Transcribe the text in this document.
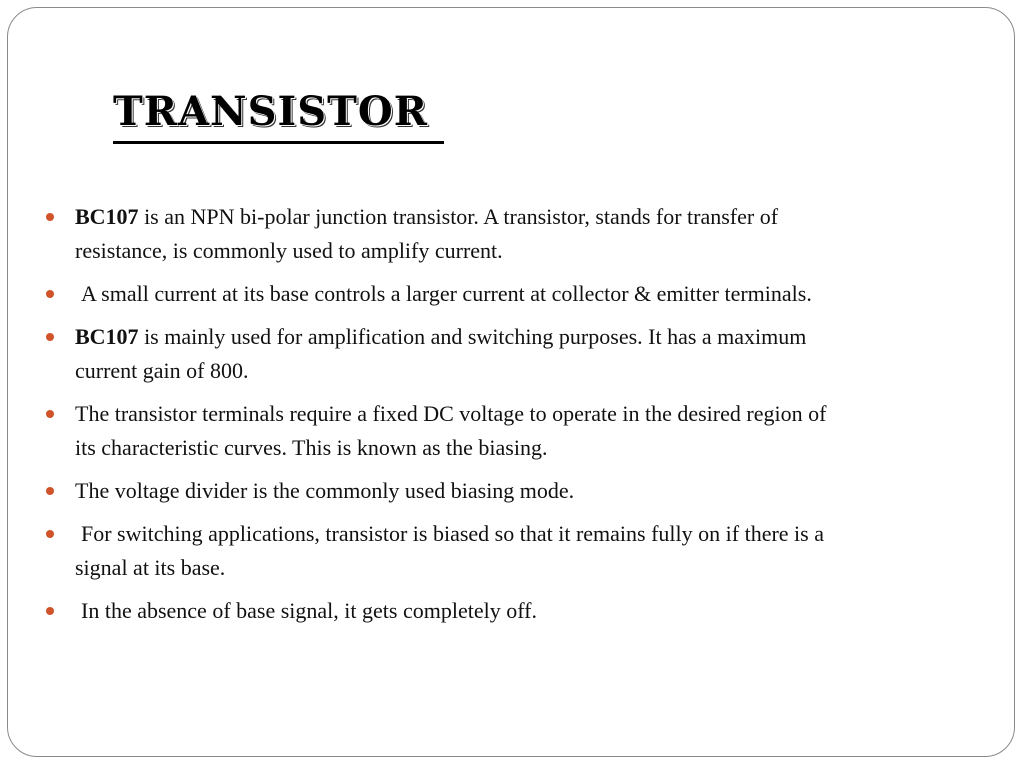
TRANSISTOR
BC107 is an NPN bi-polar junction transistor. A transistor, stands for transfer of
resistance, is commonly used to amplify current.
A small current at its base controls a larger current at collector & emitter terminals.
BC107 is mainly used for amplification and switching purposes. It has a maximum
current gain of 800.
The transistor terminals require a fixed DC voltage to operate in the desired region of
its characteristic curves. This is known as the biasing.
The voltage divider is the commonly used biasing mode.
For switching applications, transistor is biased so that it remains fully on if there is a
signal at its base.
In the absence of base signal, it gets completely off.
